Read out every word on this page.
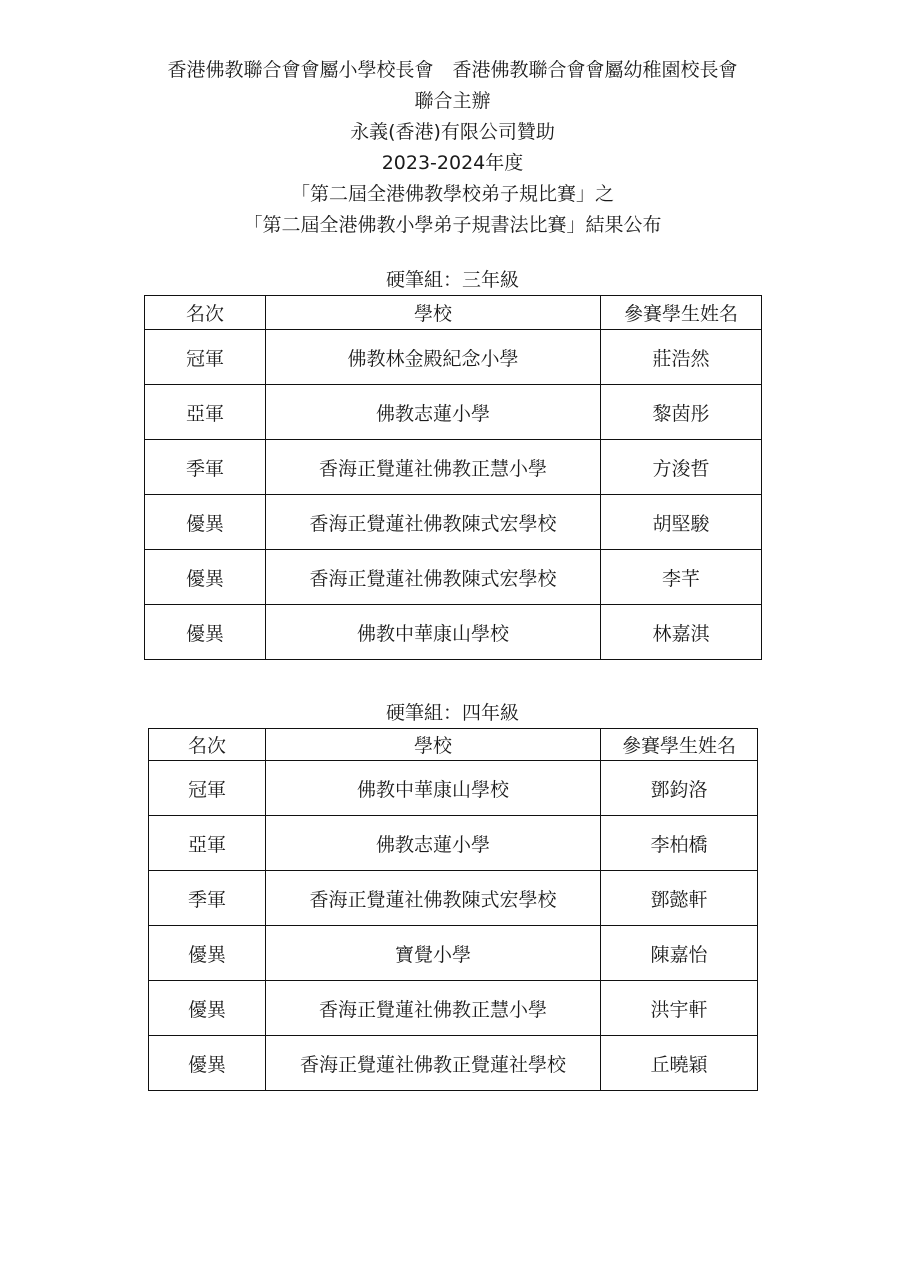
香港佛教聯合會會屬小學校長會　香港佛教聯合會會屬幼稚園校長會
聯合主辦
永義(香港)有限公司贊助
2023-2024年度
「第二屆全港佛教學校弟子規比賽」之
「第二屆全港佛教小學弟子規書法比賽」結果公布
硬筆組：三年級
名次	學校	參賽學生姓名
冠軍	佛教林金殿紀念小學	莊浩然
亞軍	佛教志蓮小學	黎茵彤
季軍	香海正覺蓮社佛教正慧小學	方浚哲
優異	香海正覺蓮社佛教陳式宏學校	胡堅駿
優異	香海正覺蓮社佛教陳式宏學校	李芊
優異	佛教中華康山學校	林嘉淇
硬筆組：四年級
名次	學校	參賽學生姓名
冠軍	佛教中華康山學校	鄧鈞洛
亞軍	佛教志蓮小學	李柏橋
季軍	香海正覺蓮社佛教陳式宏學校	鄧懿軒
優異	寶覺小學	陳嘉怡
優異	香海正覺蓮社佛教正慧小學	洪宇軒
優異	香海正覺蓮社佛教正覺蓮社學校	丘曉穎
